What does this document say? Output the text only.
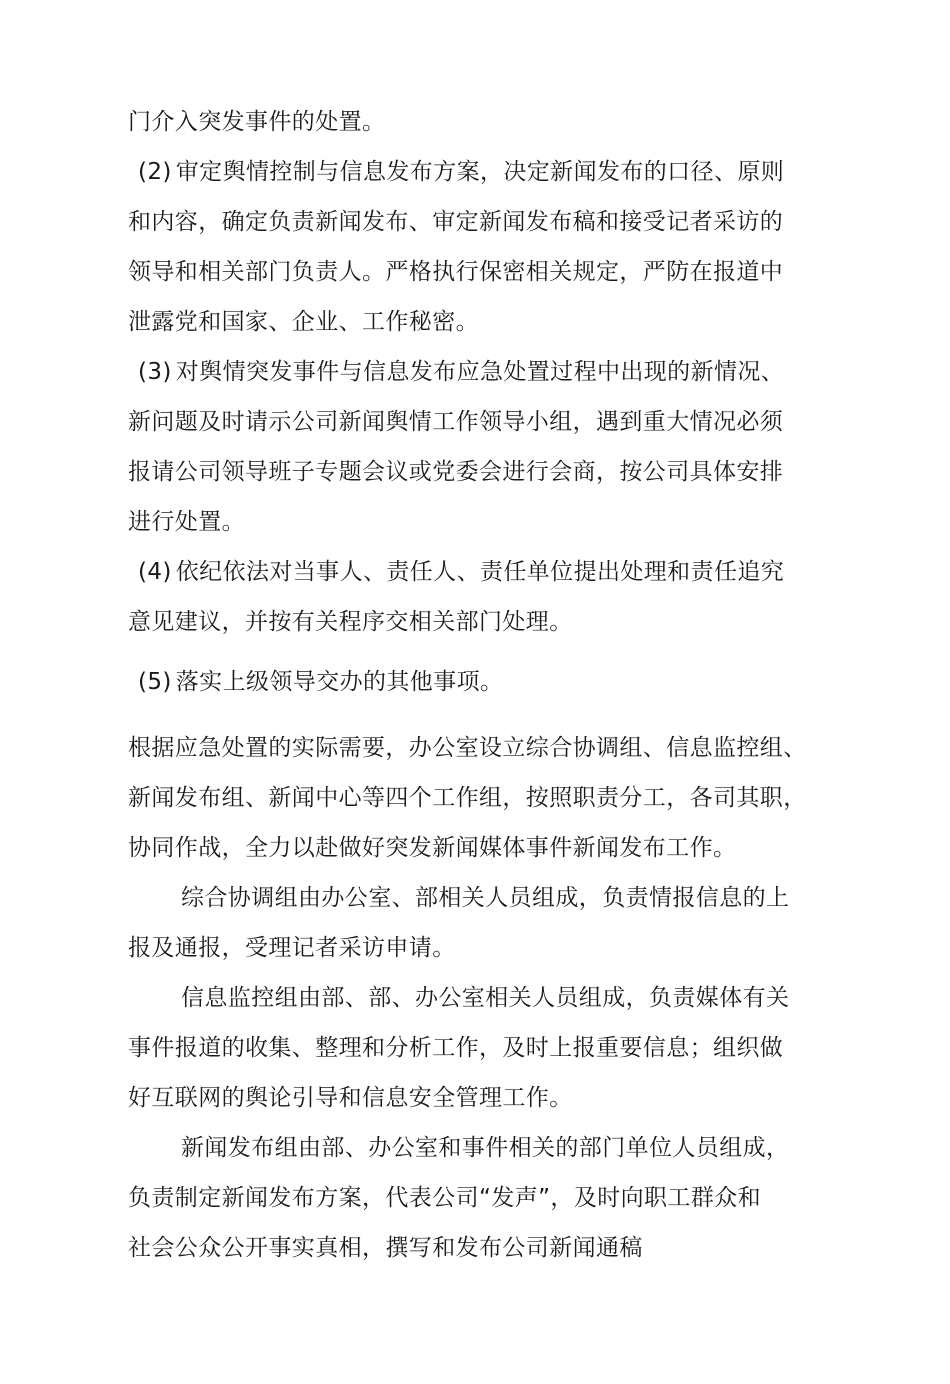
门介入突发事件的处置。

(2) 审定舆情控制与信息发布方案，决定新闻发布的口径、原则

和内容，确定负责新闻发布、审定新闻发布稿和接受记者采访的

领导和相关部门负责人。严格执行保密相关规定，严防在报道中

泄露党和国家、企业、工作秘密。

(3) 对舆情突发事件与信息发布应急处置过程中出现的新情况、

新问题及时请示公司新闻舆情工作领导小组，遇到重大情况必须

报请公司领导班子专题会议或党委会进行会商，按公司具体安排

进行处置。

(4) 依纪依法对当事人、责任人、责任单位提出处理和责任追究

意见建议，并按有关程序交相关部门处理。

(5) 落实上级领导交办的其他事项。

根据应急处置的实际需要，办公室设立综合协调组、信息监控组、

新闻发布组、新闻中心等四个工作组，按照职责分工，各司其职，

协同作战，全力以赴做好突发新闻媒体事件新闻发布工作。

综合协调组由办公室、部相关人员组成，负责情报信息的上

报及通报，受理记者采访申请。

信息监控组由部、部、办公室相关人员组成，负责媒体有关

事件报道的收集、整理和分析工作，及时上报重要信息；组织做

好互联网的舆论引导和信息安全管理工作。

新闻发布组由部、办公室和事件相关的部门单位人员组成，

负责制定新闻发布方案，代表公司“发声”，及时向职工群众和

社会公众公开事实真相，撰写和发布公司新闻通稿
